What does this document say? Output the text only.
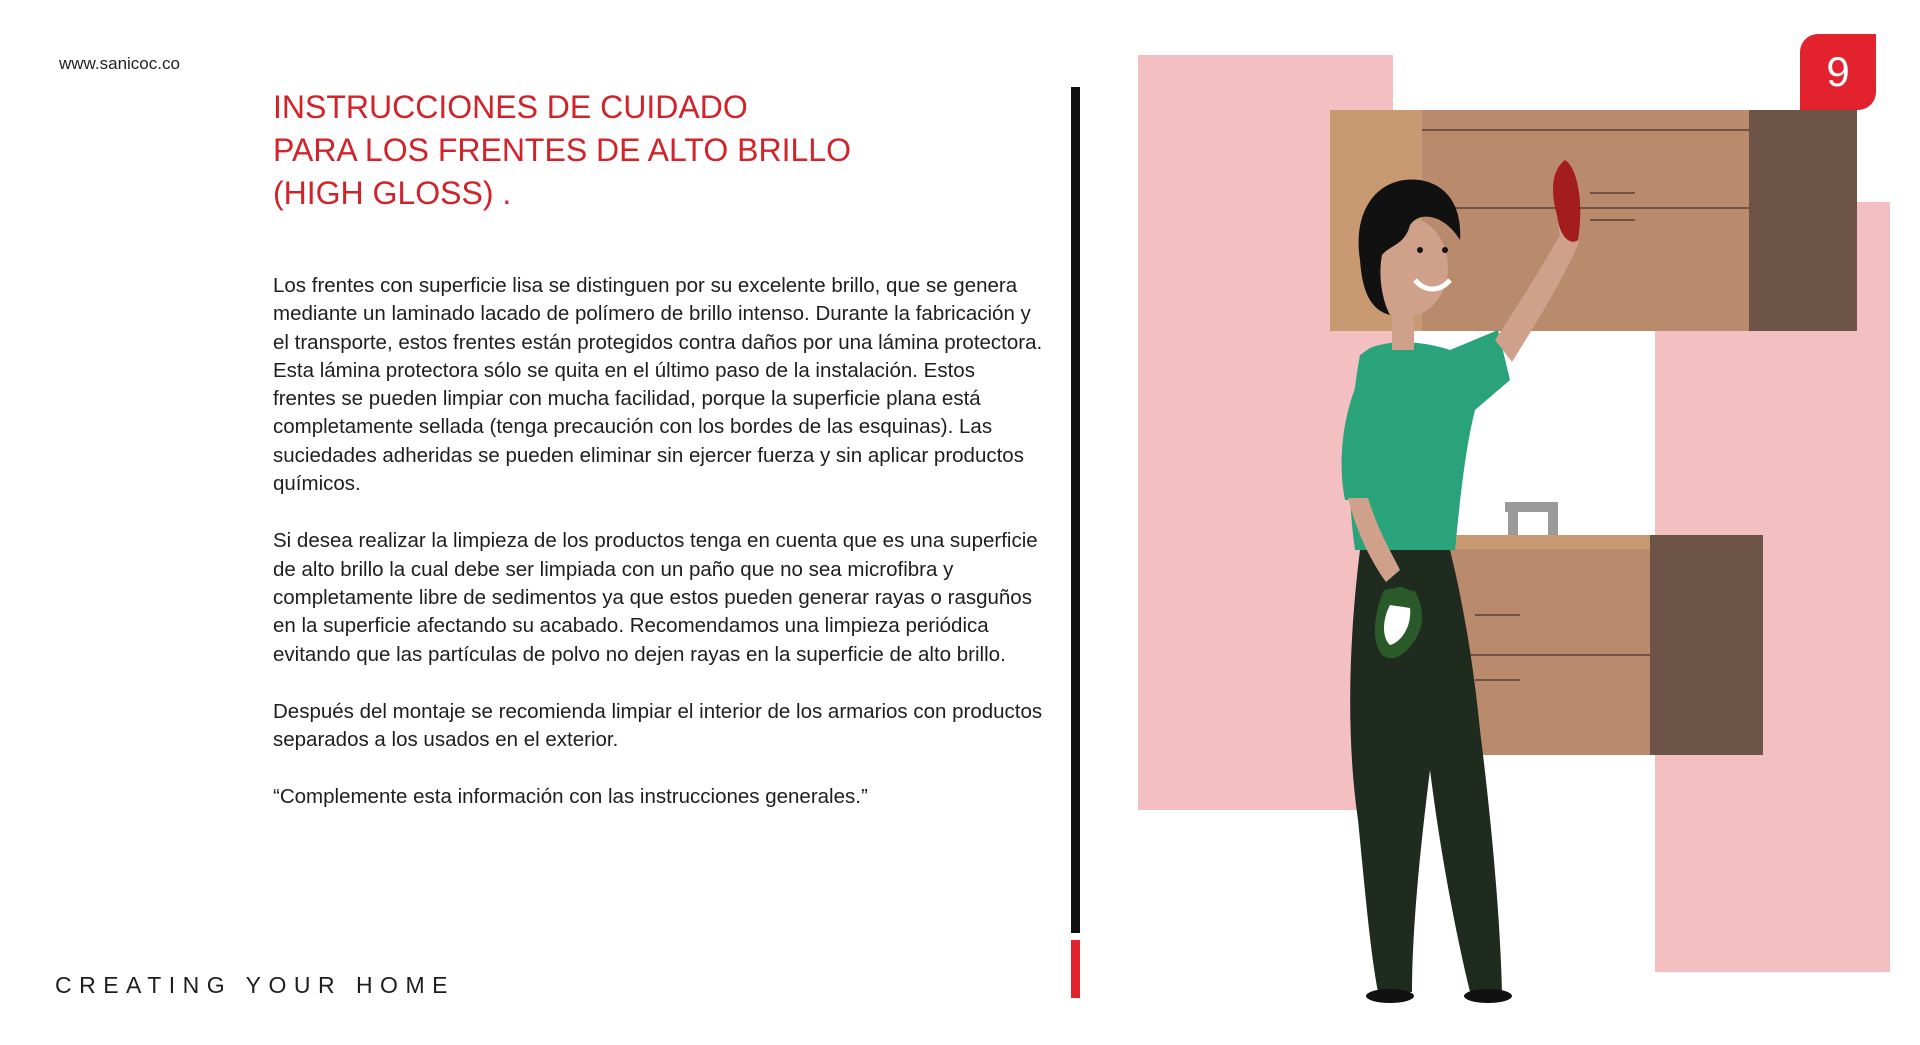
www.sanicoc.co
INSTRUCCIONES DE CUIDADO
PARA LOS FRENTES DE ALTO BRILLO
(HIGH GLOSS) .

Los frentes con superficie lisa se distinguen por su excelente brillo, que se genera mediante un laminado lacado de polímero de brillo intenso. Durante la fabricación y el transporte, estos frentes están protegidos contra daños por una lámina protectora. Esta lámina protectora sólo se quita en el último paso de la instalación. Estos frentes se pueden limpiar con mucha facilidad, porque la superficie plana está completamente sellada (tenga precaución con los bordes de las esquinas). Las suciedades adheridas se pueden eliminar sin ejercer fuerza y sin aplicar productos químicos.

Si desea realizar la limpieza de los productos tenga en cuenta que es una superficie de alto brillo la cual debe ser limpiada con un paño que no sea microfibra y completamente libre de sedimentos ya que estos pueden generar rayas o rasguños en la superficie afectando su acabado. Recomendamos una limpieza periódica evitando que las partículas de polvo no dejen rayas en la superficie de alto brillo.

Después del montaje se recomienda limpiar el interior de los armarios con productos separados a los usados en el exterior.

“Complemente esta información con las instrucciones generales.”

CREATING YOUR HOME
9
